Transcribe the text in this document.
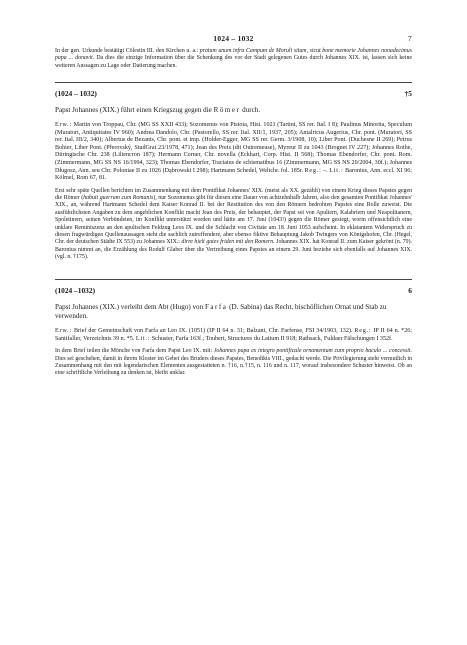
1024 – 1032	7

In der gen. Urkunde bestätigt Cölestin III. den Kirchen u. a.: pratum unum infra Campum de Moruli situm, sicut bone memorie Johannes nonadecimus papa ... donavit. Da dies die einzige Information über die Schenkung des vor der Stadt gelegenen Gutes durch Johannes XIX. ist, lassen sich keine weiteren Aussagen zu Lage oder Datierung machen.

(1024 – 1032)	†5

Papst Johannes (XIX.) führt einen Kriegszug gegen die Römer durch.

Erw.: Martin von Troppau, Chr. (MG SS XXII 433); Sozomenus von Pistoia, Hist. 1021 (Tartini, SS rer. Ital. I 8); Paulinus Minorita, Speculum (Muratori, Antiquitates IV 960); Andrea Dandolo, Chr. (Pastorello, SS rer. Ital. XII/1, 1937, 205); Amalricus Augerius, Chr. pont. (Muratori, SS rer. Ital. III/2, 340); Albertus de Bezanis, Chr. pont. et imp. (Holder-Egger, MG SS rer. Germ. 3/1908, 10); Liber Pont. (Duchesne II 269); Petrus Bohier, Liber Pont. (Přerovský, StudGrat 23/1978, 471); Jean des Preis (dit Outremeuse), Myreur II zu 1043 (Brognet IV 227); Johannes Rothe, Düringische Chr. 238 (Liliencron 187); Hermann Corner, Chr. novella (Eckhart, Corp. Hist. II 568); Thomas Ebendorfer, Chr. pont. Rom. (Zimmermann, MG SS NS 16/1994, 323); Thomas Ebendorfer, Tractatus de schismatibus 16 (Zimmermann, MG SS NS 20/2004, 30f.); Johannes Długosz, Ann. seu Chr. Poloniae II zu 1026 (Dąbrowski I 298); Hartmann Schedel, Weltchr. fol. 185r. Reg.: –. Lit.: Baronius, Ann. eccl. XI 96; Kölmel, Rom 67, 81.

Erst sehr späte Quellen berichten im Zusammenhang mit dem Pontifikat Johannes' XIX. (meist als XX. gezählt) von einem Krieg dieses Papstes gegen die Römer (habuit guerram cum Romanis), nur Sozomenus gibt für diesen eine Dauer von achtzehnhalb Jahren, also den gesamten Pontifikat Johannes' XIX., an, während Hartmann Schedel dem Kaiser Konrad II. bei der Restitution des von den Römern bedrohten Papstes eine Rolle zuweist. Die ausführlichsten Angaben zu dem angeblichen Konflikt macht Jean des Preis, der behauptet, der Papst sei von Apuliern, Kalabriern und Neapolitanern, Spoletinern, seinen Verbündeten, im Konflikt unterstützt worden und hätte am 17. Juni (1043!) gegen die Römer gesiegt, worin offensichtlich eine unklare Reminiszenz an den apulischen Feldzug Leos IX. und die Schlacht von Civitate am 18. Juni 1053 aufscheint. In eklatantem Widerspruch zu diesen fragwürdigen Quellenaussagen steht die sachlich zutreffendere, aber ebenso fiktive Behauptung Jakob Twingers von Königshofen, Chr. (Hegel, Chr. der deutschen Städte IX 553) zu Johannes XIX.: dirre hielt gutes friden mit den Romern. Johannes XIX. hat Konrad II. zum Kaiser gekrönt (n. 79). Baronius nimmt an, die Erzählung des Rodulf Glaber über die Vertreibung eines Papstes an einem 29. Juni beziehe sich ebenfalls auf Johannes XIX. (vgl. n. †175).

(1024 –1032)	6

Papst Johannes (XIX.) verleiht dem Abt (Hugo) von Farfa (D. Sabina) das Recht, bischöflichen Ornat und Stab zu verwenden.

Erw.: Brief der Gemeinschaft von Farfa an Leo IX. (1051) (IP II 64 n. 31; Balzani, Chr. Farfense, FSI 34/1903, 132). Reg.: IP II 64 n. *26; Santifaller, Verzeichnis 39 n. *5. Lit.: Schuster, Farfa 163f.; Toubert, Structures du Latium II 918; Rathsack, Fuldaer Fälschungen I 352f.

In dem Brief teilen die Mönche von Farfa dem Papst Leo IX. mit: Johannes papa ex integro pontificale ornamentum cum proprio baculo ... concessit. Dies sei geschehen, damit in ihrem Kloster im Gebet des Bruders dieses Papstes, Benedikts VIII., gedacht werde. Die Privilegierung steht vermutlich in Zusammenhang mit den mit legendarischen Elementen ausgestatteten n. †16, n.†15, n. 116 und n. 117, worauf insbesondere Schuster hinweist. Ob an eine schriftliche Verleihung zu denken ist, bleibt unklar.
